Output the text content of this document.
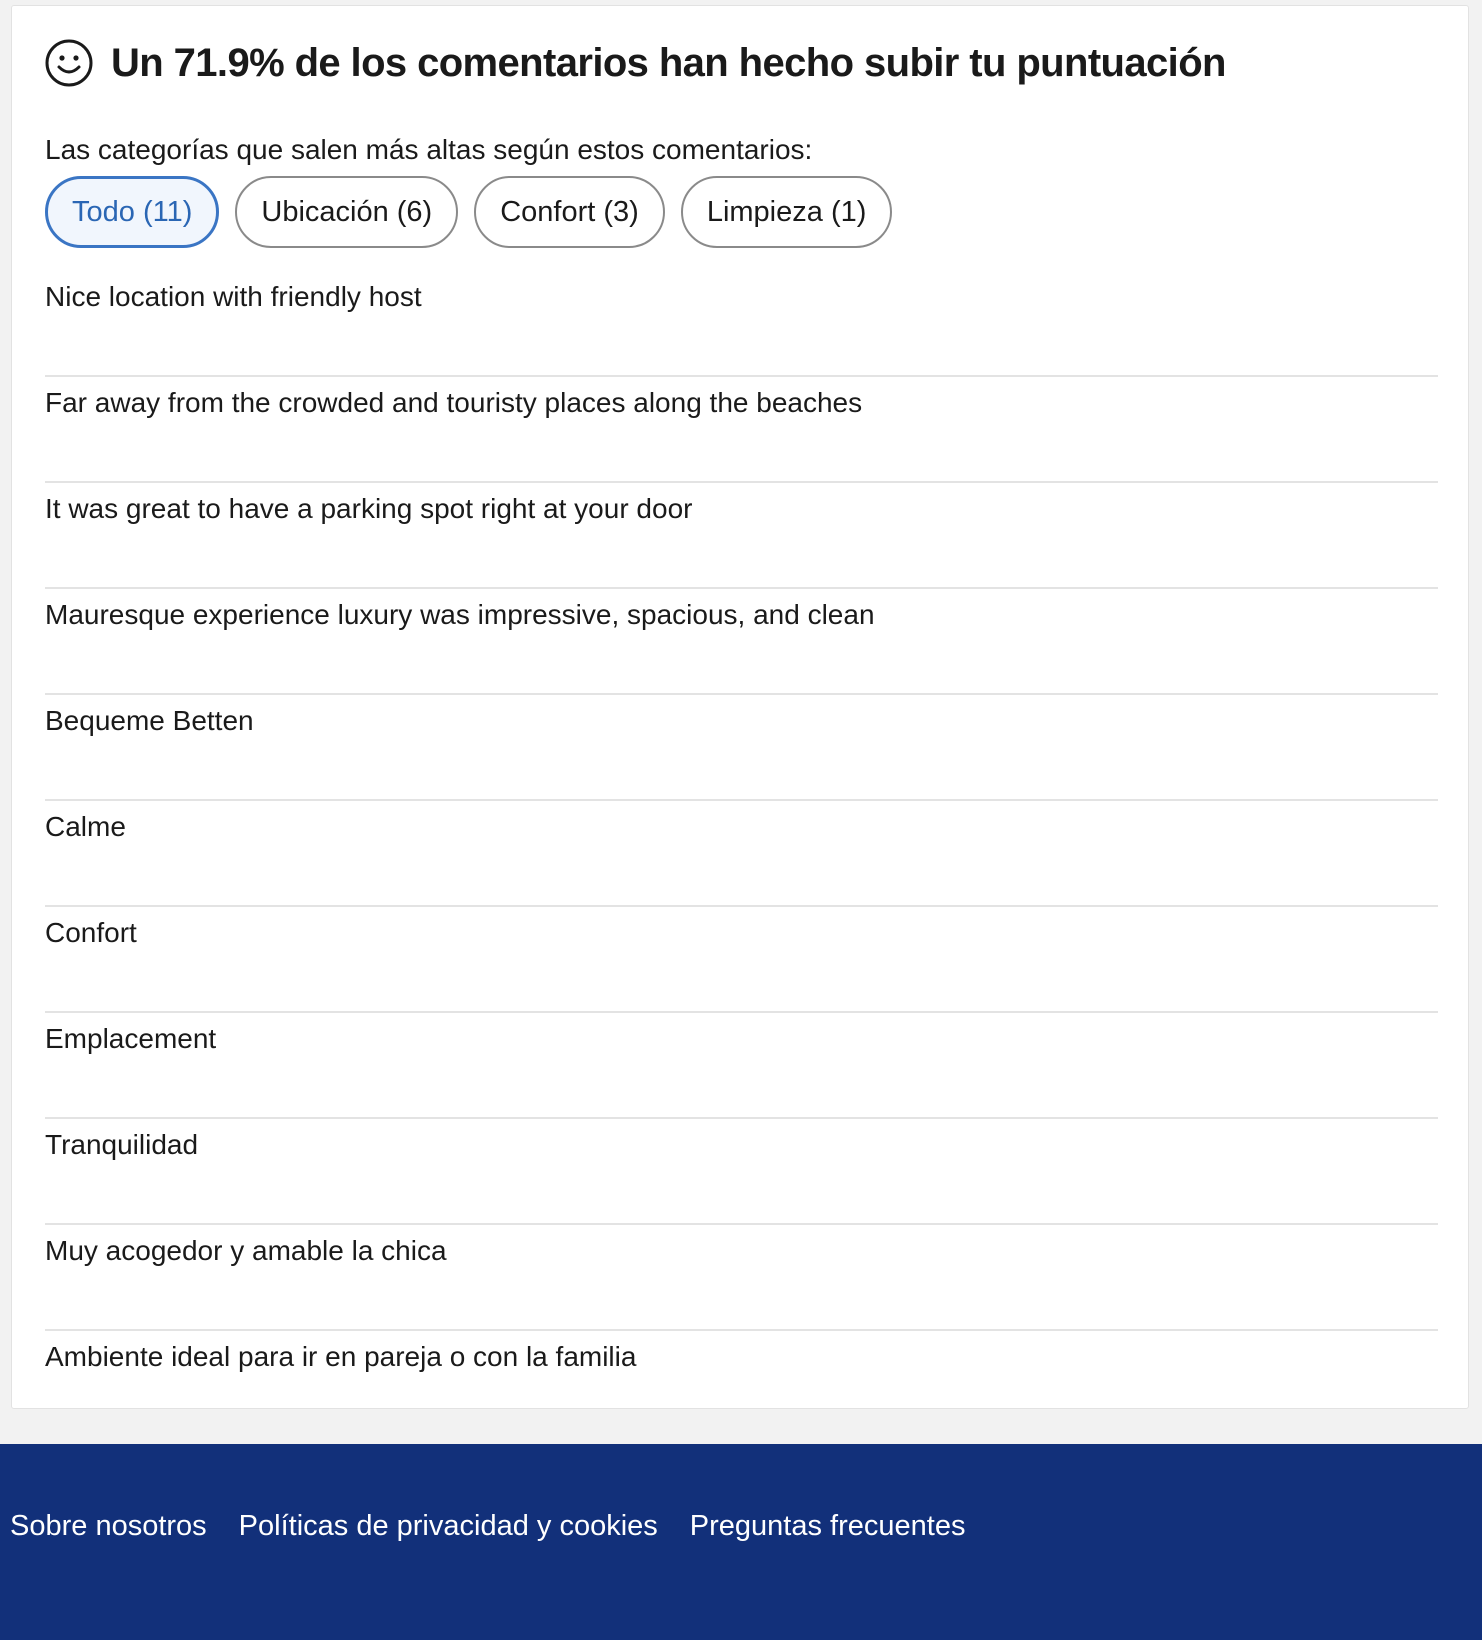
Un 71.9% de los comentarios han hecho subir tu puntuación
Las categorías que salen más altas según estos comentarios:
Todo (11)	Ubicación (6)	Confort (3)	Limpieza (1)
Nice location with friendly host
Far away from the crowded and touristy places along the beaches
It was great to have a parking spot right at your door
Mauresque experience luxury was impressive, spacious, and clean
Bequeme Betten
Calme
Confort
Emplacement
Tranquilidad
Muy acogedor y amable la chica
Ambiente ideal para ir en pareja o con la familia
Sobre nosotros Políticas de privacidad y cookies Preguntas frecuentes
